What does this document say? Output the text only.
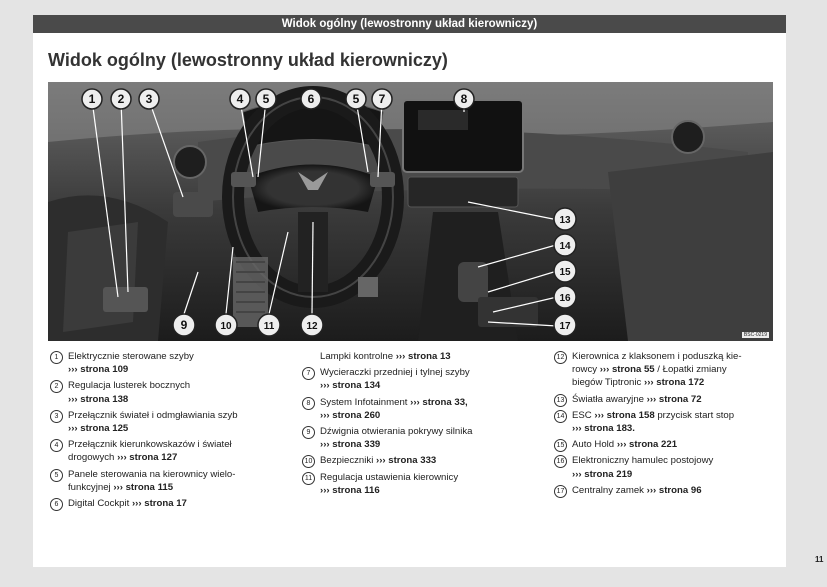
Widok ogólny (lewostronny układ kierowniczy)
Widok ogólny (lewostronny układ kierowniczy)
1 2 3	4 5	6	5 7	8
13
14
15
16
17
9	10	11	12
BSC-0219
1 Elektrycznie sterowane szyby
››› strona 109
2 Regulacja lusterek bocznych
››› strona 138
3 Przełącznik świateł i odmgławiania szyb
››› strona 125
4 Przełącznik kierunkowskazów i świateł
drogowych ››› strona 127
5 Panele sterowania na kierownicy wielo-
funkcyjnej ››› strona 115
6 Digital Cockpit ››› strona 17
Lampki kontrolne ››› strona 13
7 Wycieraczki przedniej i tylnej szyby
››› strona 134
8 System Infotainment ››› strona 33,
››› strona 260
9 Dźwignia otwierania pokrywy silnika
››› strona 339
10 Bezpieczniki ››› strona 333
11 Regulacja ustawienia kierownicy
››› strona 116
12 Kierownica z klaksonem i poduszką kie-
rowcy ››› strona 55 / Łopatki zmiany
biegów Tiptronic ››› strona 172
13 Światła awaryjne ››› strona 72
14 ESC ››› strona 158 przycisk start stop
››› strona 183.
15 Auto Hold ››› strona 221
16 Elektroniczny hamulec postojowy
››› strona 219
17 Centralny zamek ››› strona 96
11
